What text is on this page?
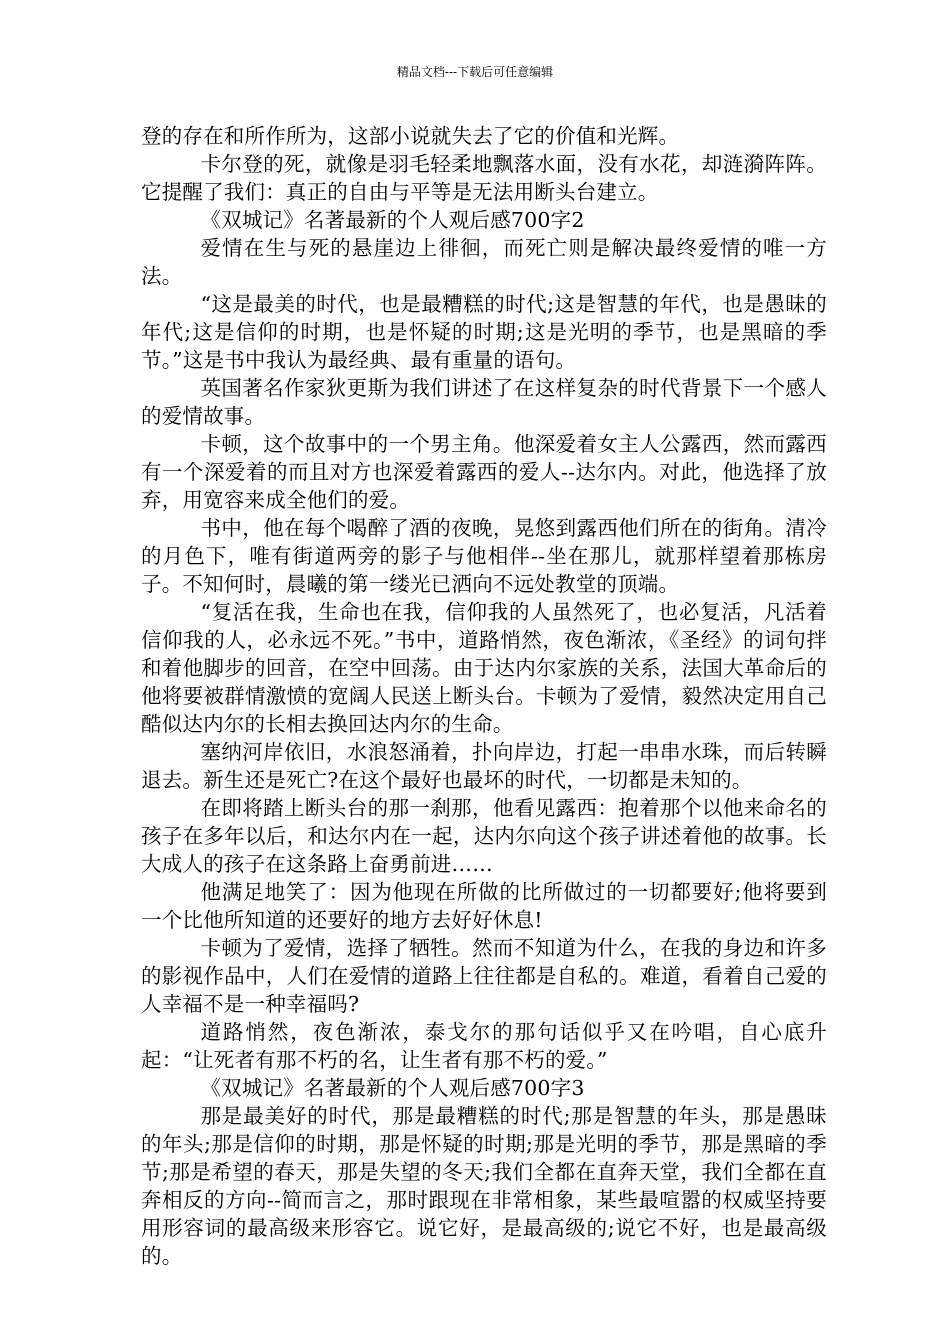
精品文档---下载后可任意编辑

登的存在和所作所为，这部小说就失去了它的价值和光辉。

卡尔登的死，就像是羽毛轻柔地飘落水面，没有水花，却涟漪阵阵。它提醒了我们：真正的自由与平等是无法用断头台建立。

《双城记》名著最新的个人观后感700字2

爱情在生与死的悬崖边上徘徊，而死亡则是解决最终爱情的唯一方法。

“这是最美的时代，也是最糟糕的时代;这是智慧的年代，也是愚昧的年代;这是信仰的时期，也是怀疑的时期;这是光明的季节，也是黑暗的季节。”这是书中我认为最经典、最有重量的语句。

英国著名作家狄更斯为我们讲述了在这样复杂的时代背景下一个感人的爱情故事。

卡顿，这个故事中的一个男主角。他深爱着女主人公露西，然而露西有一个深爱着的而且对方也深爱着露西的爱人--达尔内。对此，他选择了放弃，用宽容来成全他们的爱。

书中，他在每个喝醉了酒的夜晚，晃悠到露西他们所在的街角。清冷的月色下，唯有街道两旁的影子与他相伴--坐在那儿，就那样望着那栋房子。不知何时，晨曦的第一缕光已洒向不远处教堂的顶端。

“复活在我，生命也在我，信仰我的人虽然死了，也必复活，凡活着信仰我的人，必永远不死。”书中，道路悄然，夜色渐浓，《圣经》的词句拌和着他脚步的回音，在空中回荡。由于达内尔家族的关系，法国大革命后的他将要被群情激愤的宽阔人民送上断头台。卡顿为了爱情，毅然决定用自己酷似达内尔的长相去换回达内尔的生命。

塞纳河岸依旧，水浪怒涌着，扑向岸边，打起一串串水珠，而后转瞬退去。新生还是死亡?在这个最好也最坏的时代，一切都是未知的。

在即将踏上断头台的那一刹那，他看见露西：抱着那个以他来命名的孩子在多年以后，和达尔内在一起，达内尔向这个孩子讲述着他的故事。长大成人的孩子在这条路上奋勇前进……

他满足地笑了：因为他现在所做的比所做过的一切都要好;他将要到一个比他所知道的还要好的地方去好好休息!

卡顿为了爱情，选择了牺牲。然而不知道为什么，在我的身边和许多的影视作品中，人们在爱情的道路上往往都是自私的。难道，看着自己爱的人幸福不是一种幸福吗?

道路悄然，夜色渐浓，泰戈尔的那句话似乎又在吟唱，自心底升起：“让死者有那不朽的名，让生者有那不朽的爱。”

《双城记》名著最新的个人观后感700字3

那是最美好的时代，那是最糟糕的时代;那是智慧的年头，那是愚昧的年头;那是信仰的时期，那是怀疑的时期;那是光明的季节，那是黑暗的季节;那是希望的春天，那是失望的冬天;我们全都在直奔天堂，我们全都在直奔相反的方向--简而言之，那时跟现在非常相象，某些最喧嚣的权威坚持要用形容词的最高级来形容它。说它好，是最高级的;说它不好，也是最高级的。
